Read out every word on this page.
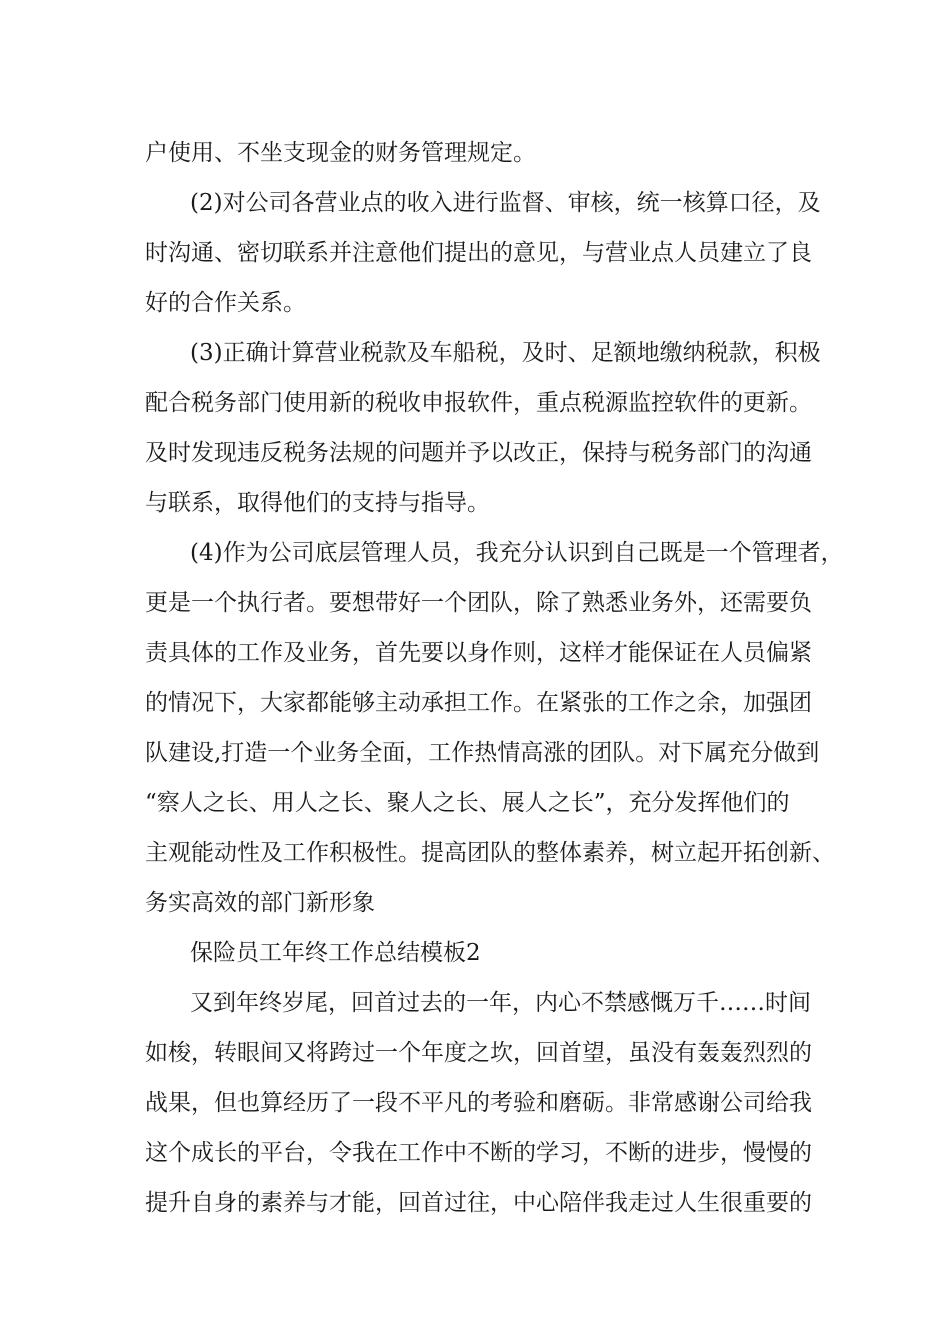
户使用、不坐支现金的财务管理规定。
(2)对公司各营业点的收入进行监督、审核，统一核算口径，及
时沟通、密切联系并注意他们提出的意见，与营业点人员建立了良
好的合作关系。
(3)正确计算营业税款及车船税，及时、足额地缴纳税款，积极
配合税务部门使用新的税收申报软件，重点税源监控软件的更新。
及时发现违反税务法规的问题并予以改正，保持与税务部门的沟通
与联系，取得他们的支持与指导。
(4)作为公司底层管理人员，我充分认识到自己既是一个管理者，
更是一个执行者。要想带好一个团队，除了熟悉业务外，还需要负
责具体的工作及业务，首先要以身作则，这样才能保证在人员偏紧
的情况下，大家都能够主动承担工作。在紧张的工作之余，加强团
队建设,打造一个业务全面，工作热情高涨的团队。对下属充分做到
“察人之长、用人之长、聚人之长、展人之长”，充分发挥他们的
主观能动性及工作积极性。提高团队的整体素养，树立起开拓创新、
务实高效的部门新形象
保险员工年终工作总结模板2
又到年终岁尾，回首过去的一年，内心不禁感慨万千……时间
如梭，转眼间又将跨过一个年度之坎，回首望，虽没有轰轰烈烈的
战果，但也算经历了一段不平凡的考验和磨砺。非常感谢公司给我
这个成长的平台，令我在工作中不断的学习，不断的进步，慢慢的
提升自身的素养与才能，回首过往，中心陪伴我走过人生很重要的
